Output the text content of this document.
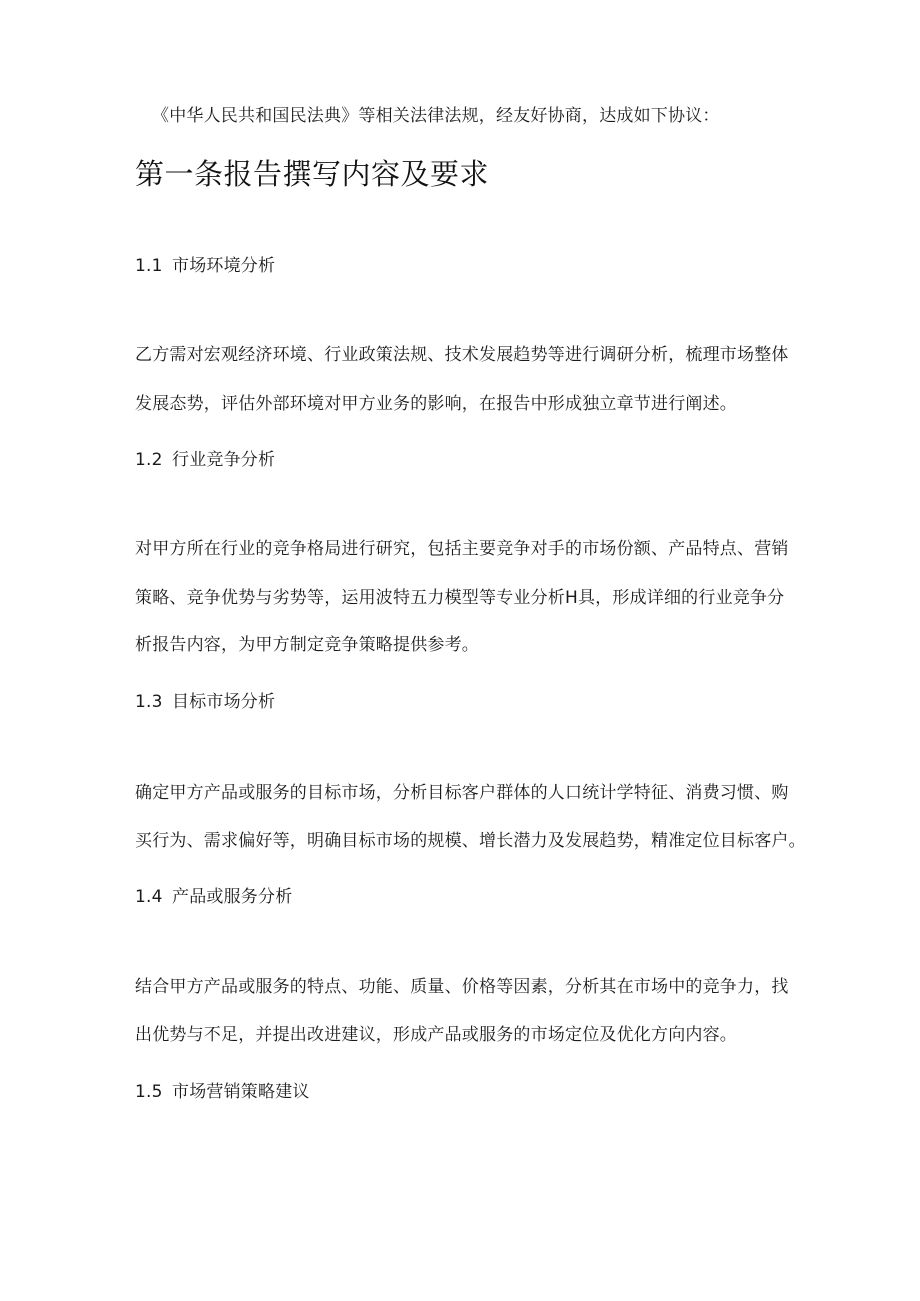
《中华人民共和国民法典》等相关法律法规，经友好协商，达成如下协议：
第一条报告撰写内容及要求
1.1 市场环境分析
乙方需对宏观经济环境、行业政策法规、技术发展趋势等进行调研分析，梳理市场整体
发展态势，评估外部环境对甲方业务的影响，在报告中形成独立章节进行阐述。
1.2 行业竞争分析
对甲方所在行业的竞争格局进行研究，包括主要竞争对手的市场份额、产品特点、营销
策略、竞争优势与劣势等，运用波特五力模型等专业分析H具，形成详细的行业竞争分
析报告内容，为甲方制定竞争策略提供参考。
1.3 目标市场分析
确定甲方产品或服务的目标市场，分析目标客户群体的人口统计学特征、消费习惯、购
买行为、需求偏好等，明确目标市场的规模、增长潜力及发展趋势，精准定位目标客户。
1.4 产品或服务分析
结合甲方产品或服务的特点、功能、质量、价格等因素，分析其在市场中的竞争力，找
出优势与不足，并提出改进建议，形成产品或服务的市场定位及优化方向内容。
1.5 市场营销策略建议
